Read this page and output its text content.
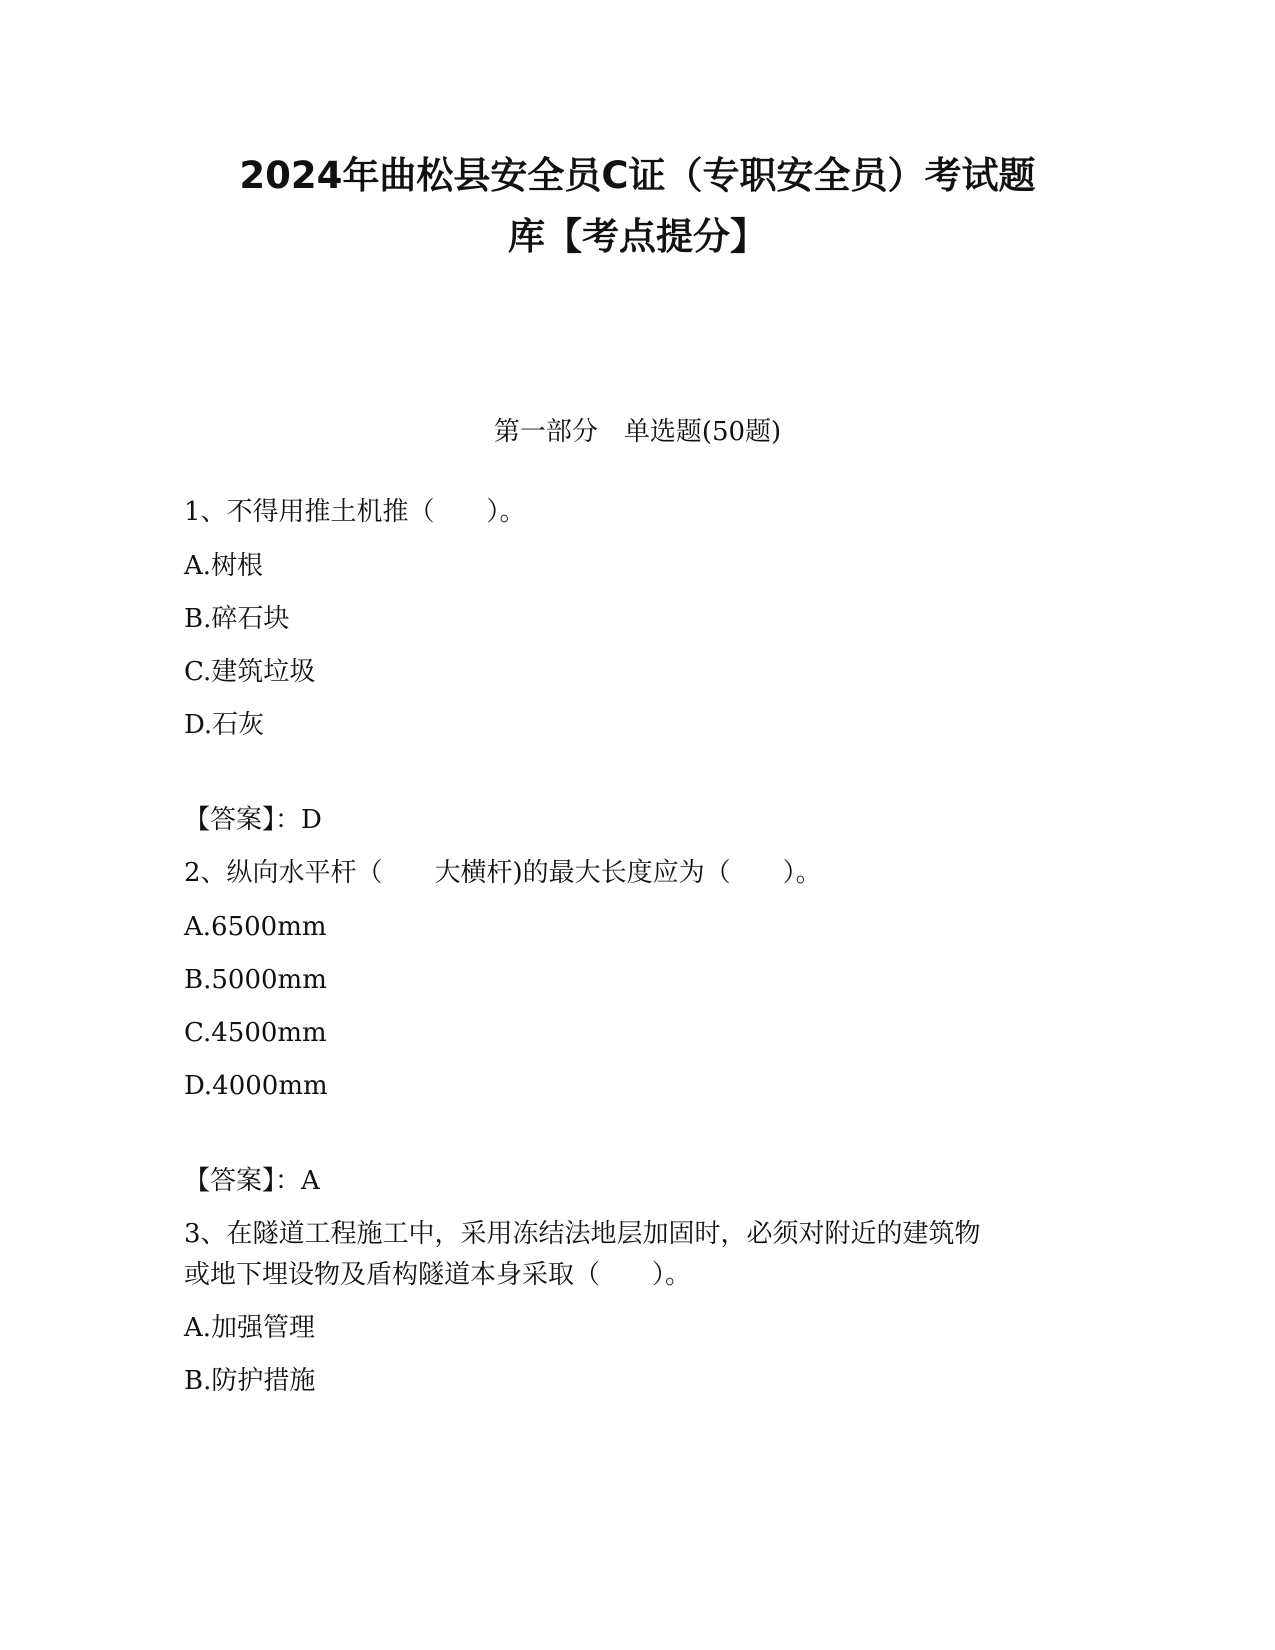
2024年曲松县安全员C证（专职安全员）考试题
库【考点提分】

第一部分　单选题(50题)

1、不得用推土机推（　　）。

A.树根

B.碎石块

C.建筑垃圾

D.石灰

【答案】：D

2、纵向水平杆（　　大横杆)的最大长度应为（　　）。

A.6500mm

B.5000mm

C.4500mm

D.4000mm

【答案】：A

3、在隧道工程施工中，采用冻结法地层加固时，必须对附近的建筑物

或地下埋设物及盾构隧道本身采取（　　）。

A.加强管理

B.防护措施
